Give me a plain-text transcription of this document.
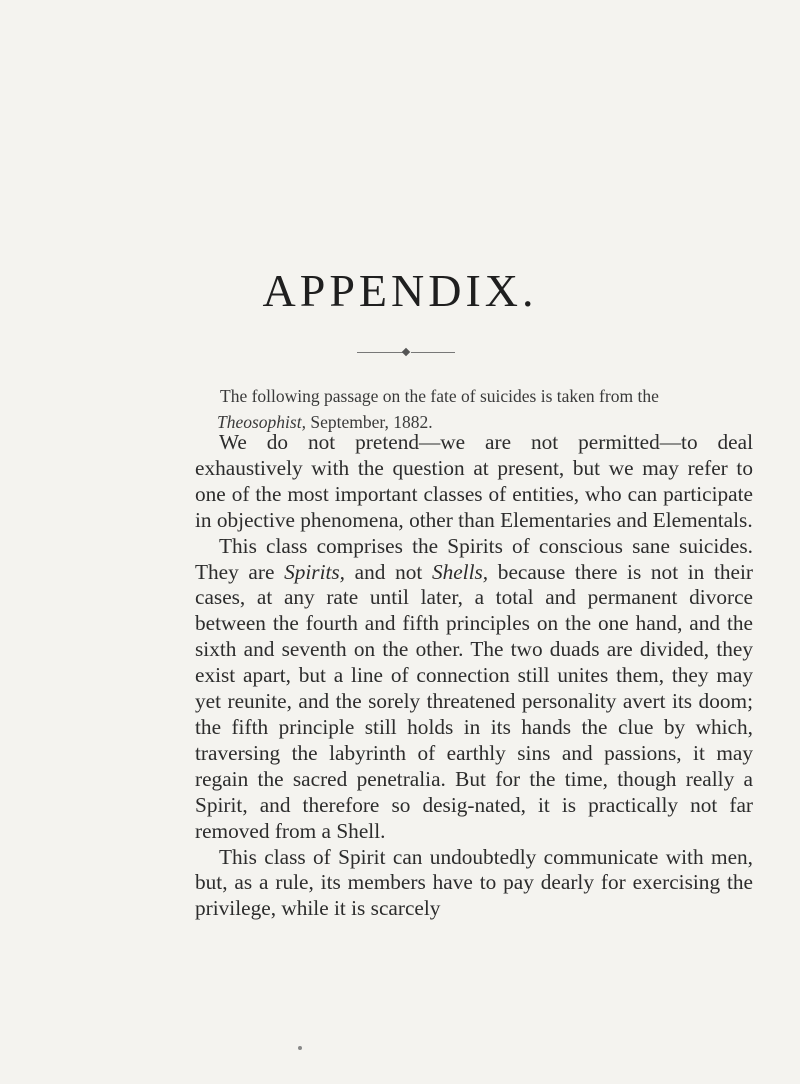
APPENDIX.
The following passage on the fate of suicides is taken from the
Theosophist, September, 1882.

We do not pretend—we are not permitted—to deal exhaustively with the question at present, but we may refer to one of the most important classes of entities, who can participate in objective phenomena, other than Elementaries and Elementals.

This class comprises the Spirits of conscious sane suicides. They are Spirits, and not Shells, because there is not in their cases, at any rate until later, a total and permanent divorce between the fourth and fifth principles on the one hand, and the sixth and seventh on the other. The two duads are divided, they exist apart, but a line of connection still unites them, they may yet reunite, and the sorely threatened personality avert its doom; the fifth principle still holds in its hands the clue by which, traversing the labyrinth of earthly sins and passions, it may regain the sacred penetralia. But for the time, though really a Spirit, and therefore so desig-nated, it is practically not far removed from a Shell.

This class of Spirit can undoubtedly communicate with men, but, as a rule, its members have to pay dearly for exercising the privilege, while it is scarcely
